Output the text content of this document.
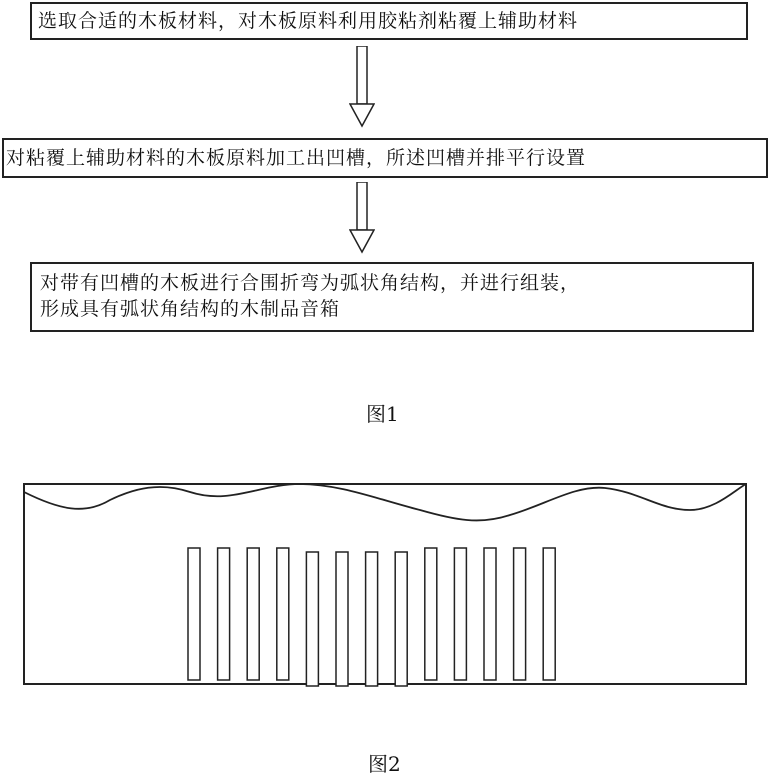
选取合适的木板材料，对木板原料利用胶粘剂粘覆上辅助材料
对粘覆上辅助材料的木板原料加工出凹槽，所述凹槽并排平行设置
对带有凹槽的木板进行合围折弯为弧状角结构，并进行组装，
形成具有弧状角结构的木制品音箱
图1
图2
